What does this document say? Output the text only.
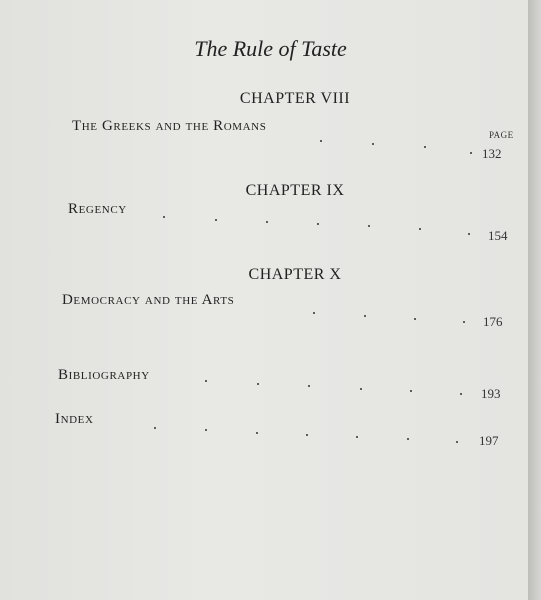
The Rule of Taste
CHAPTER VIII
The Greeks and the Romans
PAGE
132
CHAPTER IX
Regency
154
CHAPTER X
Democracy and the Arts
176
Bibliography
193
Index
197
